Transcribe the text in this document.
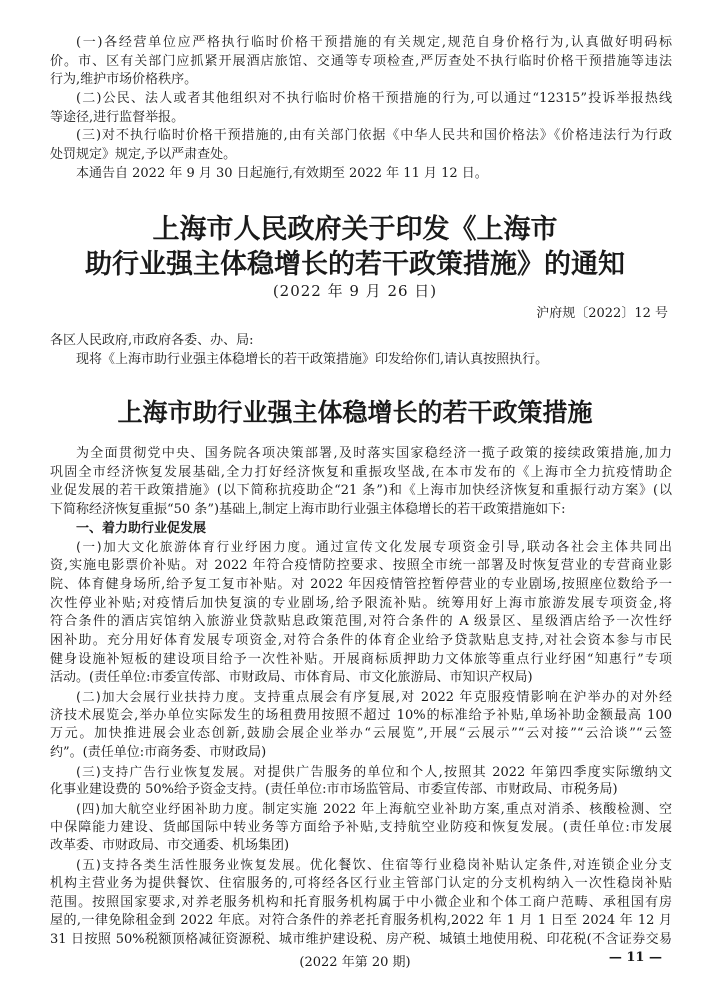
(一)各经营单位应严格执行临时价格干预措施的有关规定,规范自身价格行为,认真做好明码标
价。市、区有关部门应抓紧开展酒店旅馆、交通等专项检查,严厉查处不执行临时价格干预措施等违法
行为,维护市场价格秩序。
(二)公民、法人或者其他组织对不执行临时价格干预措施的行为,可以通过“12315”投诉举报热线
等途径,进行监督举报。
(三)对不执行临时价格干预措施的,由有关部门依据《中华人民共和国价格法》《价格违法行为行政
处罚规定》规定,予以严肃查处。
本通告自 2022 年 9 月 30 日起施行,有效期至 2022 年 11 月 12 日。
上海市人民政府关于印发《上海市
助行业强主体稳增长的若干政策措施》的通知
(2022 年 9 月 26 日)
沪府规〔2022〕12 号
各区人民政府,市政府各委、办、局:
现将《上海市助行业强主体稳增长的若干政策措施》印发给你们,请认真按照执行。
上海市助行业强主体稳增长的若干政策措施
为全面贯彻党中央、国务院各项决策部署,及时落实国家稳经济一揽子政策的接续政策措施,加力
巩固全市经济恢复发展基础,全力打好经济恢复和重振攻坚战,在本市发布的《上海市全力抗疫情助企
业促发展的若干政策措施》(以下简称抗疫助企“21 条”)和《上海市加快经济恢复和重振行动方案》(以
下简称经济恢复重振“50 条”)基础上,制定上海市助行业强主体稳增长的若干政策措施如下:
一、着力助行业促发展
(一)加大文化旅游体育行业纾困力度。通过宣传文化发展专项资金引导,联动各社会主体共同出
资,实施电影票价补贴。对 2022 年符合疫情防控要求、按照全市统一部署及时恢复营业的专营商业影
院、体育健身场所,给予复工复市补贴。对 2022 年因疫情管控暂停营业的专业剧场,按照座位数给予一
次性停业补贴;对疫情后加快复演的专业剧场,给予限流补贴。统筹用好上海市旅游发展专项资金,将
符合条件的酒店宾馆纳入旅游业贷款贴息政策范围,对符合条件的 A 级景区、星级酒店给予一次性纾
困补助。充分用好体育发展专项资金,对符合条件的体育企业给予贷款贴息支持,对社会资本参与市民
健身设施补短板的建设项目给予一次性补贴。开展商标质押助力文体旅等重点行业纾困“知惠行”专项
活动。(责任单位:市委宣传部、市财政局、市体育局、市文化旅游局、市知识产权局)
(二)加大会展行业扶持力度。支持重点展会有序复展,对 2022 年克服疫情影响在沪举办的对外经
济技术展览会,举办单位实际发生的场租费用按照不超过 10%的标准给予补贴,单场补助金额最高 100
万元。加快推进展会业态创新,鼓励会展企业举办“云展览”,开展“云展示”“云对接”“云洽谈”“云签
约”。(责任单位:市商务委、市财政局)
(三)支持广告行业恢复发展。对提供广告服务的单位和个人,按照其 2022 年第四季度实际缴纳文
化事业建设费的 50%给予资金支持。(责任单位:市市场监管局、市委宣传部、市财政局、市税务局)
(四)加大航空业纾困补助力度。制定实施 2022 年上海航空业补助方案,重点对消杀、核酸检测、空
中保障能力建设、货邮国际中转业务等方面给予补贴,支持航空业防疫和恢复发展。(责任单位:市发展
改革委、市财政局、市交通委、机场集团)
(五)支持各类生活性服务业恢复发展。优化餐饮、住宿等行业稳岗补贴认定条件,对连锁企业分支
机构主营业务为提供餐饮、住宿服务的,可将经各区行业主管部门认定的分支机构纳入一次性稳岗补贴
范围。按照国家要求,对养老服务机构和托育服务机构属于中小微企业和个体工商户范畴、承租国有房
屋的,一律免除租金到 2022 年底。对符合条件的养老托育服务机构,2022 年 1 月 1 日至 2024 年 12 月
31 日按照 50%税额顶格减征资源税、城市维护建设税、房产税、城镇土地使用税、印花税(不含证券交易
(2022 年第 20 期)	— 11 —
